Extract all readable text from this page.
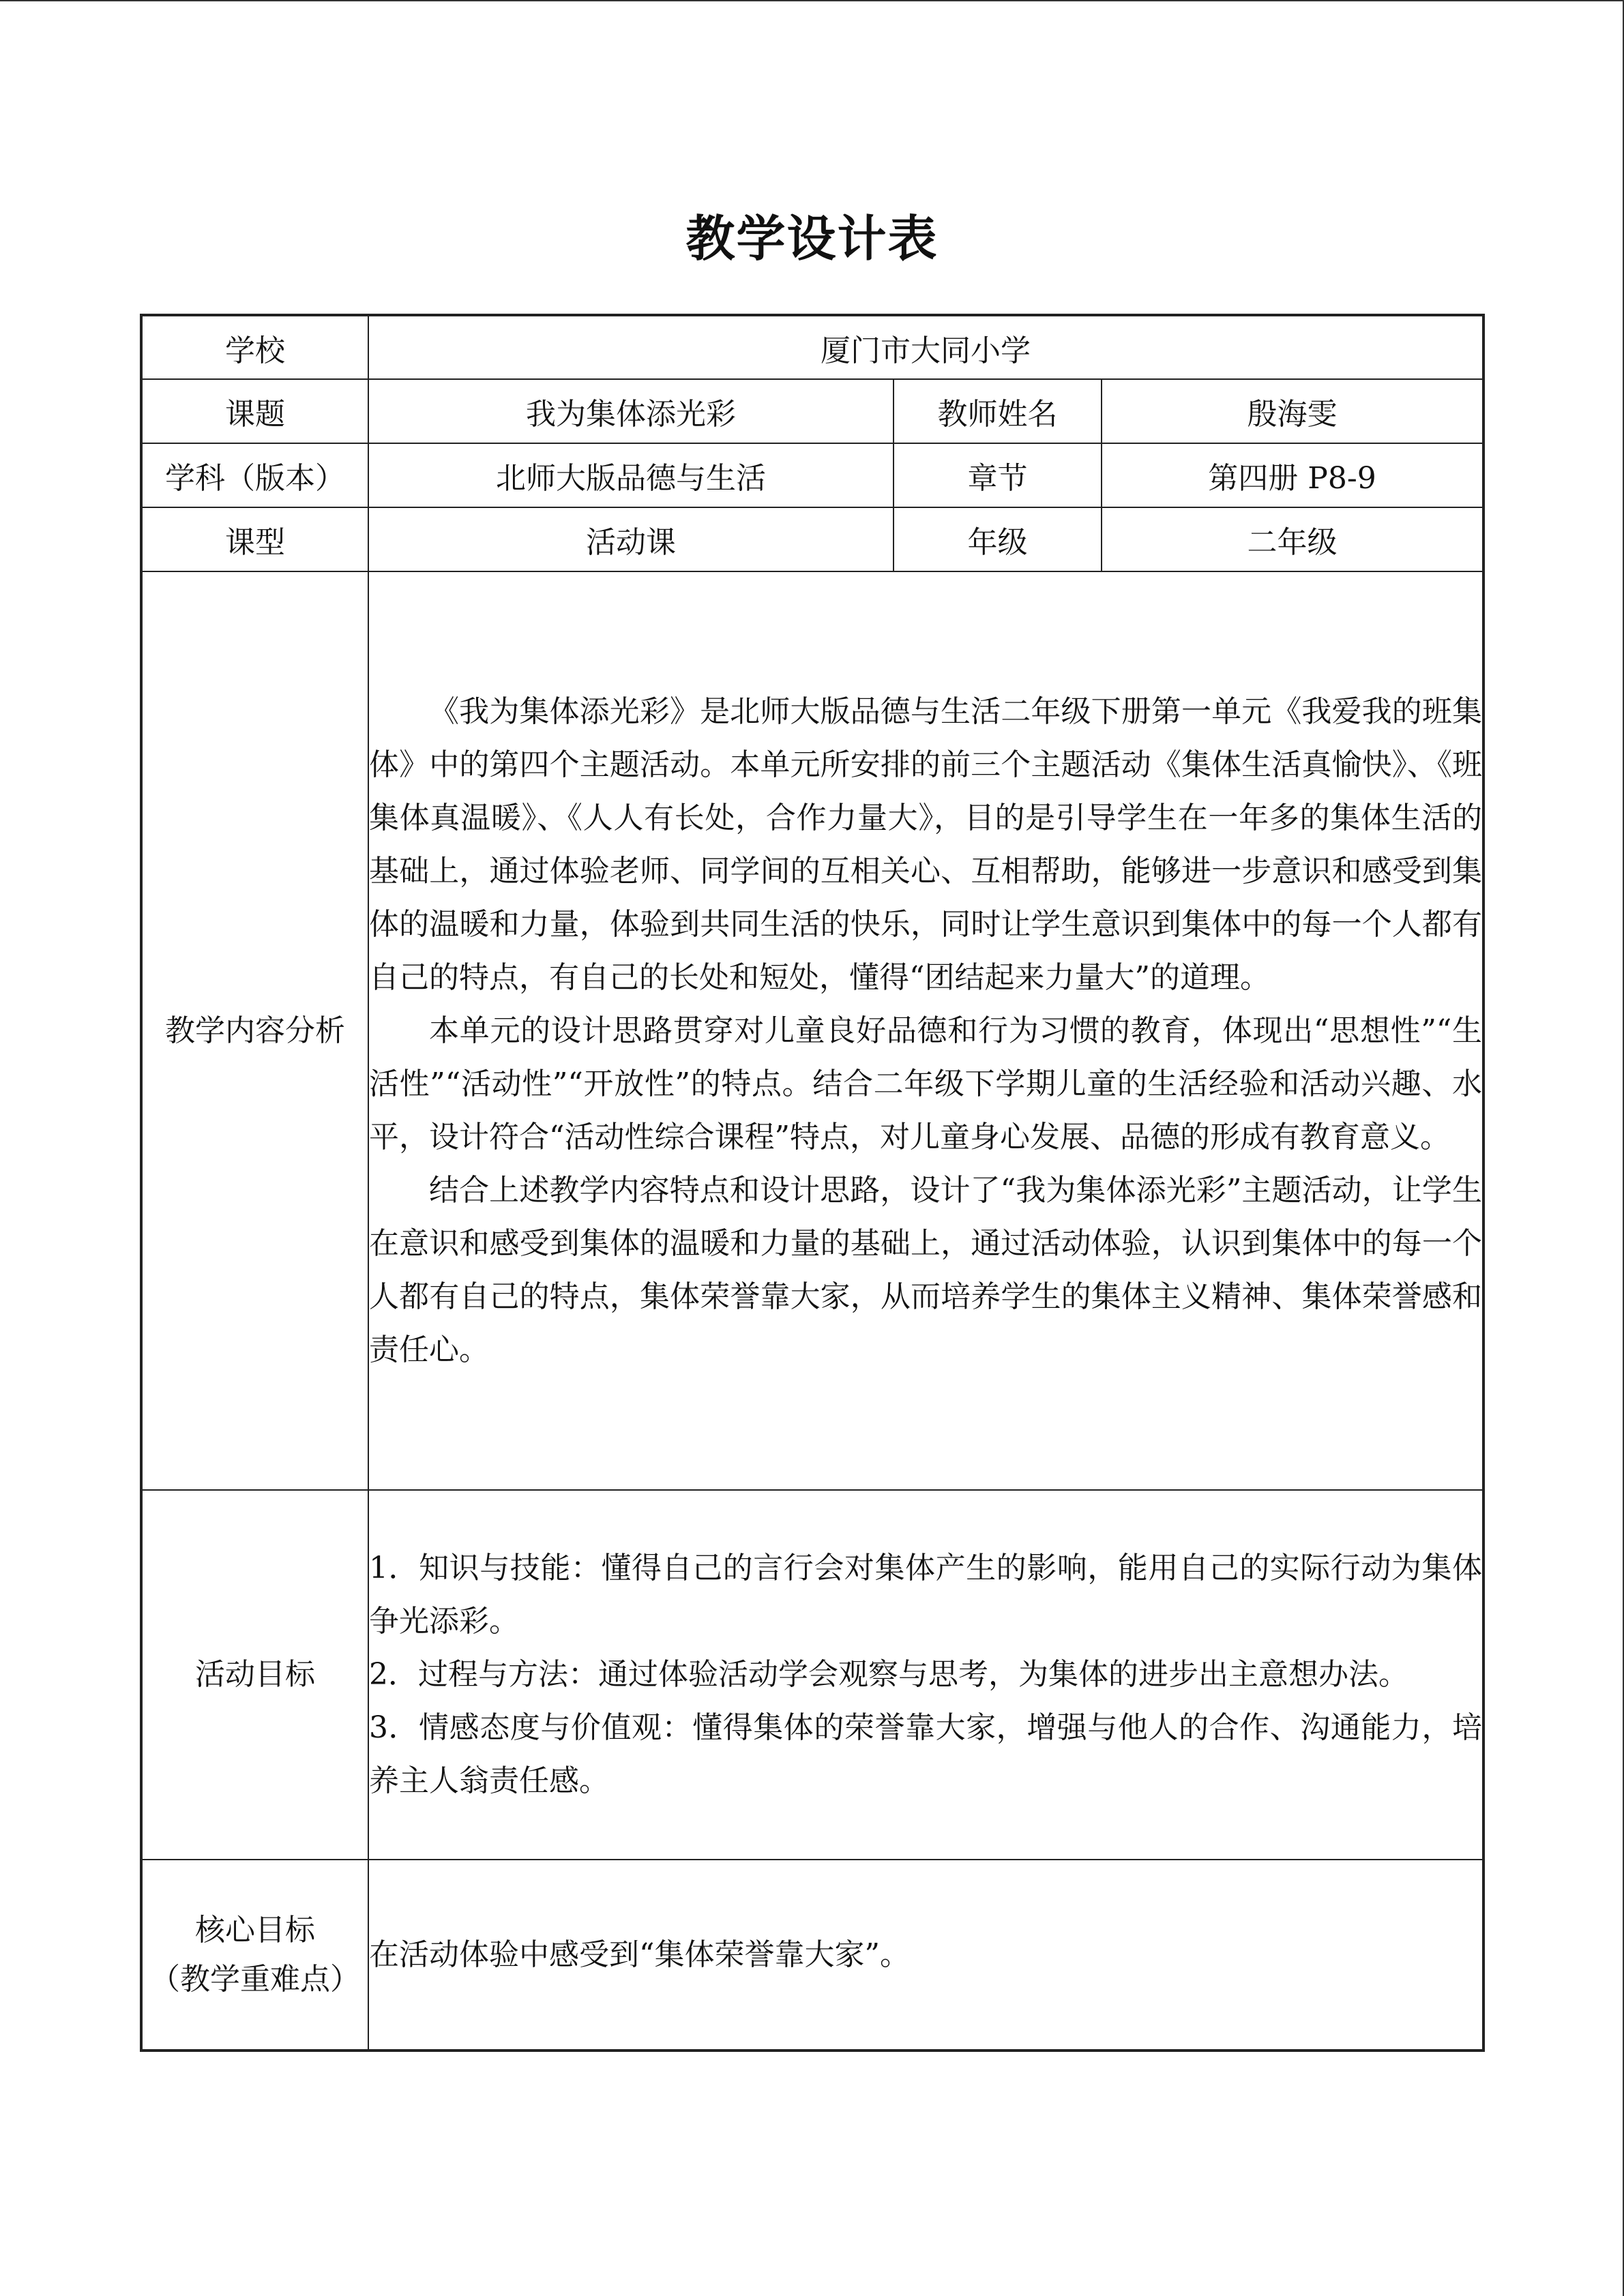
教学设计表
学校	厦门市大同小学		
课题	我为集体添光彩	教师姓名	殷海雯
学科（版本）	北师大版品德与生活	章节	第四册 P8-9
课型	活动课	年级	二年级
教学内容分析	《我为集体添光彩》是北师大版品德与生活二年级下册第一单元《我爱我的班集体》中的第四个主题活动。本单元所安排的前三个主题活动《集体生活真愉快》、《班集体真温暖》、《人人有长处，合作力量大》，目的是引导学生在一年多的集体生活的基础上，通过体验老师、同学间的互相关心、互相帮助，能够进一步意识和感受到集体的温暖和力量，体验到共同生活的快乐，同时让学生意识到集体中的每一个人都有自己的特点，有自己的长处和短处，懂得“团结起来力量大”的道理。

本单元的设计思路贯穿对儿童良好品德和行为习惯的教育，体现出“思想性”“生活性”“活动性”“开放性”的特点。结合二年级下学期儿童的生活经验和活动兴趣、水平，设计符合“活动性综合课程”特点，对儿童身心发展、品德的形成有教育意义。

结合上述教学内容特点和设计思路，设计了“我为集体添光彩”主题活动，让学生在意识和感受到集体的温暖和力量的基础上，通过活动体验，认识到集体中的每一个人都有自己的特点，集体荣誉靠大家，从而培养学生的集体主义精神、集体荣誉感和责任心。		

活动目标	1．知识与技能：懂得自己的言行会对集体产生的影响，能用自己的实际行动为集体争光添彩。

2．过程与方法：通过体验活动学会观察与思考，为集体的进步出主意想办法。

3．情感态度与价值观：懂得集体的荣誉靠大家，增强与他人的合作、沟通能力，培养主人翁责任感。		

核心目标
（教学重难点）	在活动体验中感受到“集体荣誉靠大家”。		
